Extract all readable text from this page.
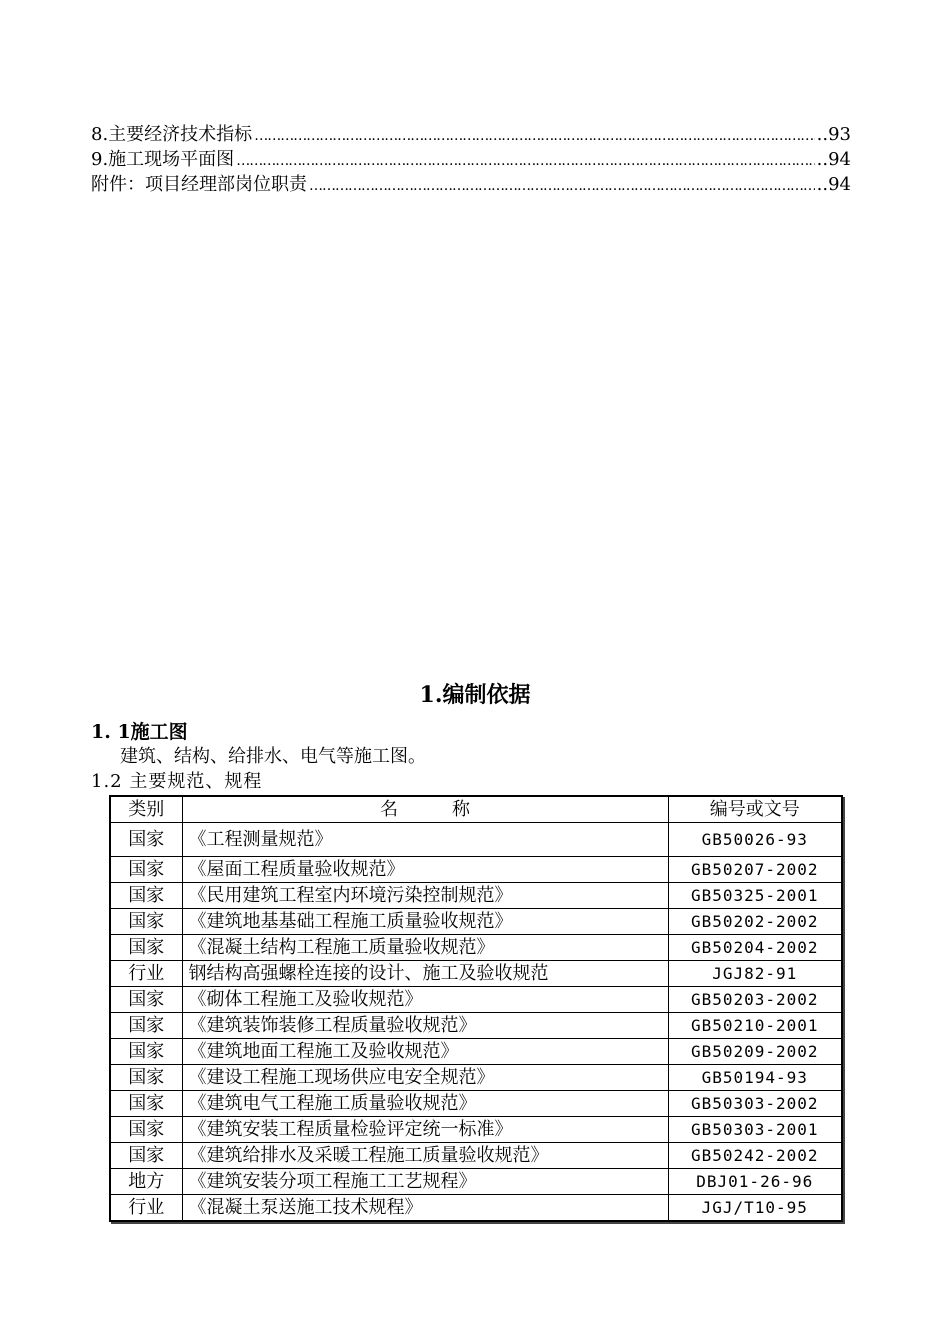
8.主要经济技术指标 …………………………………………………………………………………………………………………………………………………………………………	..93
9.施工现场平面图 …………………………………………………………………………………………………………………………………………………………………………	..94
附件：项目经理部岗位职责 …………………………………………………………………………………………………………………………………………………………………………	..94
1.编制依据
1. 1施工图
建筑、结构、给排水、电气等施工图。
1.2 主要规范、规程
类别	名　　　称	编号或文号
国家	《工程测量规范》	GB50026-93
国家	《屋面工程质量验收规范》	GB50207-2002
国家	《民用建筑工程室内环境污染控制规范》	GB50325-2001
国家	《建筑地基基础工程施工质量验收规范》	GB50202-2002
国家	《混凝土结构工程施工质量验收规范》	GB50204-2002
行业	钢结构高强螺栓连接的设计、施工及验收规范	JGJ82-91
国家	《砌体工程施工及验收规范》	GB50203-2002
国家	《建筑装饰装修工程质量验收规范》	GB50210-2001
国家	《建筑地面工程施工及验收规范》	GB50209-2002
国家	《建设工程施工现场供应电安全规范》	GB50194-93
国家	《建筑电气工程施工质量验收规范》	GB50303-2002
国家	《建筑安装工程质量检验评定统一标准》	GB50303-2001
国家	《建筑给排水及采暖工程施工质量验收规范》	GB50242-2002
地方	《建筑安装分项工程施工工艺规程》	DBJ01-26-96
行业	《混凝土泵送施工技术规程》	JGJ/T10-95
